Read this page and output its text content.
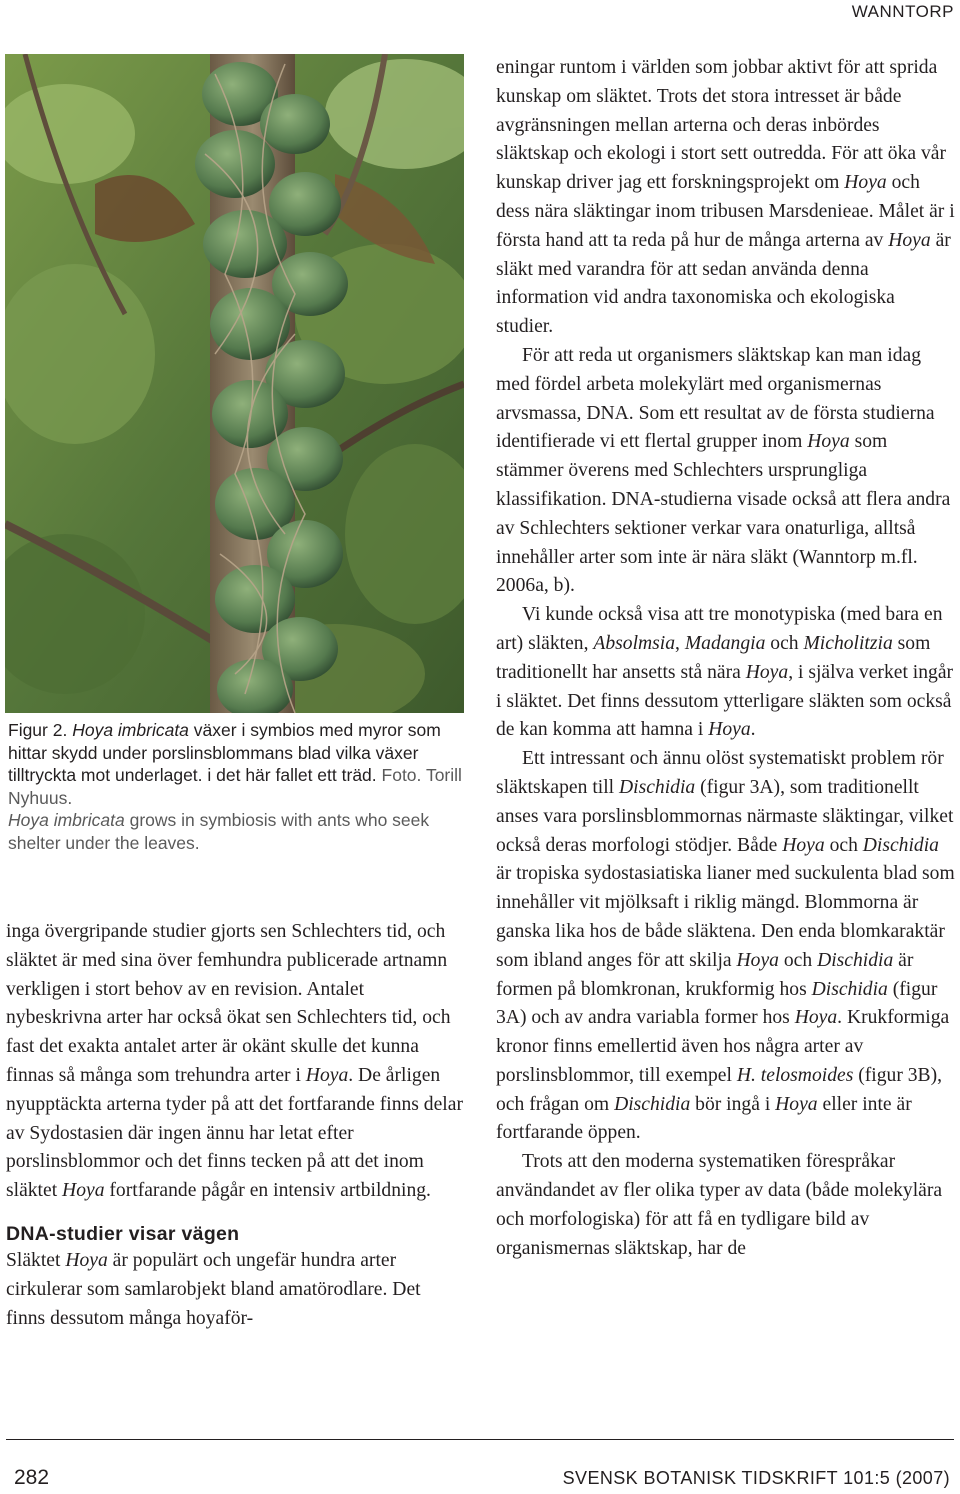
WANNTORP

Figur 2. Hoya imbricata växer i symbios med myror som hittar skydd under porslinsblommans blad vilka växer tilltryckta mot underlaget. i det här fallet ett träd. Foto. Torill Nyhuus.

Hoya imbricata grows in symbiosis with ants who seek shelter under the leaves.

inga övergripande studier gjorts sen Schlechters tid, och släktet är med sina över femhundra publicerade artnamn verkligen i stort behov av en revision. Antalet nybeskrivna arter har också ökat sen Schlechters tid, och fast det exakta antalet arter är okänt skulle det kunna finnas så många som trehundra arter i Hoya. De årligen nyupptäckta arterna tyder på att det fortfarande finns delar av Sydostasien där ingen ännu har letat efter porslinsblommor och det finns tecken på att det inom släktet Hoya fortfarande pågår en intensiv artbildning.

DNA-studier visar vägen

Släktet Hoya är populärt och ungefär hundra arter cirkulerar som samlarobjekt bland amatörodlare. Det finns dessutom många hoyaför-

eningar runtom i världen som jobbar aktivt för att sprida kunskap om släktet. Trots det stora intresset är både avgränsningen mellan arterna och deras inbördes släktskap och ekologi i stort sett outredda. För att öka vår kunskap driver jag ett forskningsprojekt om Hoya och dess nära släktingar inom tribusen Marsdenieae. Målet är i första hand att ta reda på hur de många arterna av Hoya är släkt med varandra för att sedan använda denna information vid andra taxonomiska och ekologiska studier.

För att reda ut organismers släktskap kan man idag med fördel arbeta molekylärt med organismernas arvsmassa, DNA. Som ett resultat av de första studierna identifierade vi ett flertal grupper inom Hoya som stämmer överens med Schlechters ursprungliga klassifikation. DNA-studierna visade också att flera andra av Schlechters sektioner verkar vara onaturliga, alltså innehåller arter som inte är nära släkt (Wanntorp m.fl. 2006a, b).

Vi kunde också visa att tre monotypiska (med bara en art) släkten, Absolmsia, Madangia och Micholitzia som traditionellt har ansetts stå nära Hoya, i själva verket ingår i släktet. Det finns dessutom ytterligare släkten som också de kan komma att hamna i Hoya.

Ett intressant och ännu olöst systematiskt problem rör släktskapen till Dischidia (figur 3A), som traditionellt anses vara porslinsblommornas närmaste släktingar, vilket också deras morfologi stödjer. Både Hoya och Dischidia är tropiska sydostasiatiska lianer med suckulenta blad som innehåller vit mjölksaft i riklig mängd. Blommorna är ganska lika hos de både släktena. Den enda blomkaraktär som ibland anges för att skilja Hoya och Dischidia är formen på blomkronan, krukformig hos Dischidia (figur 3A) och av andra variabla former hos Hoya. Krukformiga kronor finns emellertid även hos några arter av porslinsblommor, till exempel H. telosmoides (figur 3B), och frågan om Dischidia bör ingå i Hoya eller inte är fortfarande öppen.

Trots att den moderna systematiken förespråkar användandet av fler olika typer av data (både molekylära och morfologiska) för att få en tydligare bild av organismernas släktskap, har de

282	SVENSK BOTANISK TIDSKRIFT 101:5 (2007)
